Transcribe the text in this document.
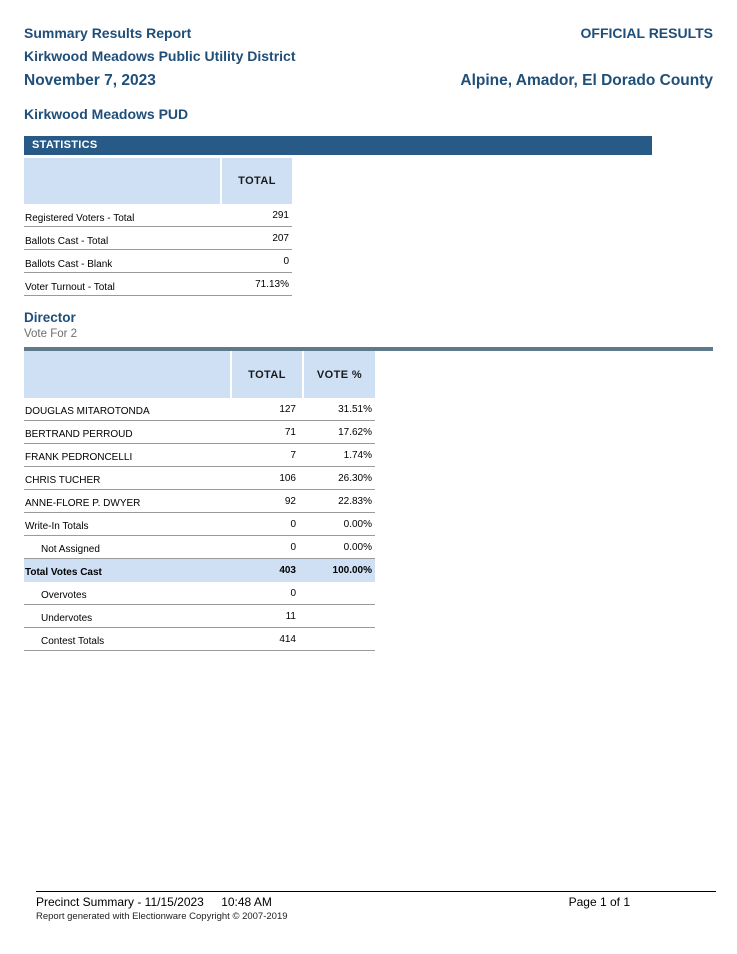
Summary Results Report	OFFICIAL RESULTS
Kirkwood Meadows Public Utility District
November 7, 2023	Alpine, Amador, El Dorado County
Kirkwood Meadows PUD
STATISTICS
TOTAL
Registered Voters - Total	291
Ballots Cast - Total	207
Ballots Cast - Blank	0
Voter Turnout - Total	71.13%
Director
Vote For 2
TOTAL	VOTE %
DOUGLAS MITAROTONDA	127	31.51%
BERTRAND PERROUD	71	17.62%
FRANK PEDRONCELLI	7	1.74%
CHRIS TUCHER	106	26.30%
ANNE-FLORE P. DWYER	92	22.83%
Write-In Totals	0	0.00%
Not Assigned	0	0.00%
Total Votes Cast	403	100.00%
Overvotes	0
Undervotes	11
Contest Totals	414
Precinct Summary - 11/15/2023 10:48 AM	Page 1 of 1
Report generated with Electionware Copyright © 2007-2019
